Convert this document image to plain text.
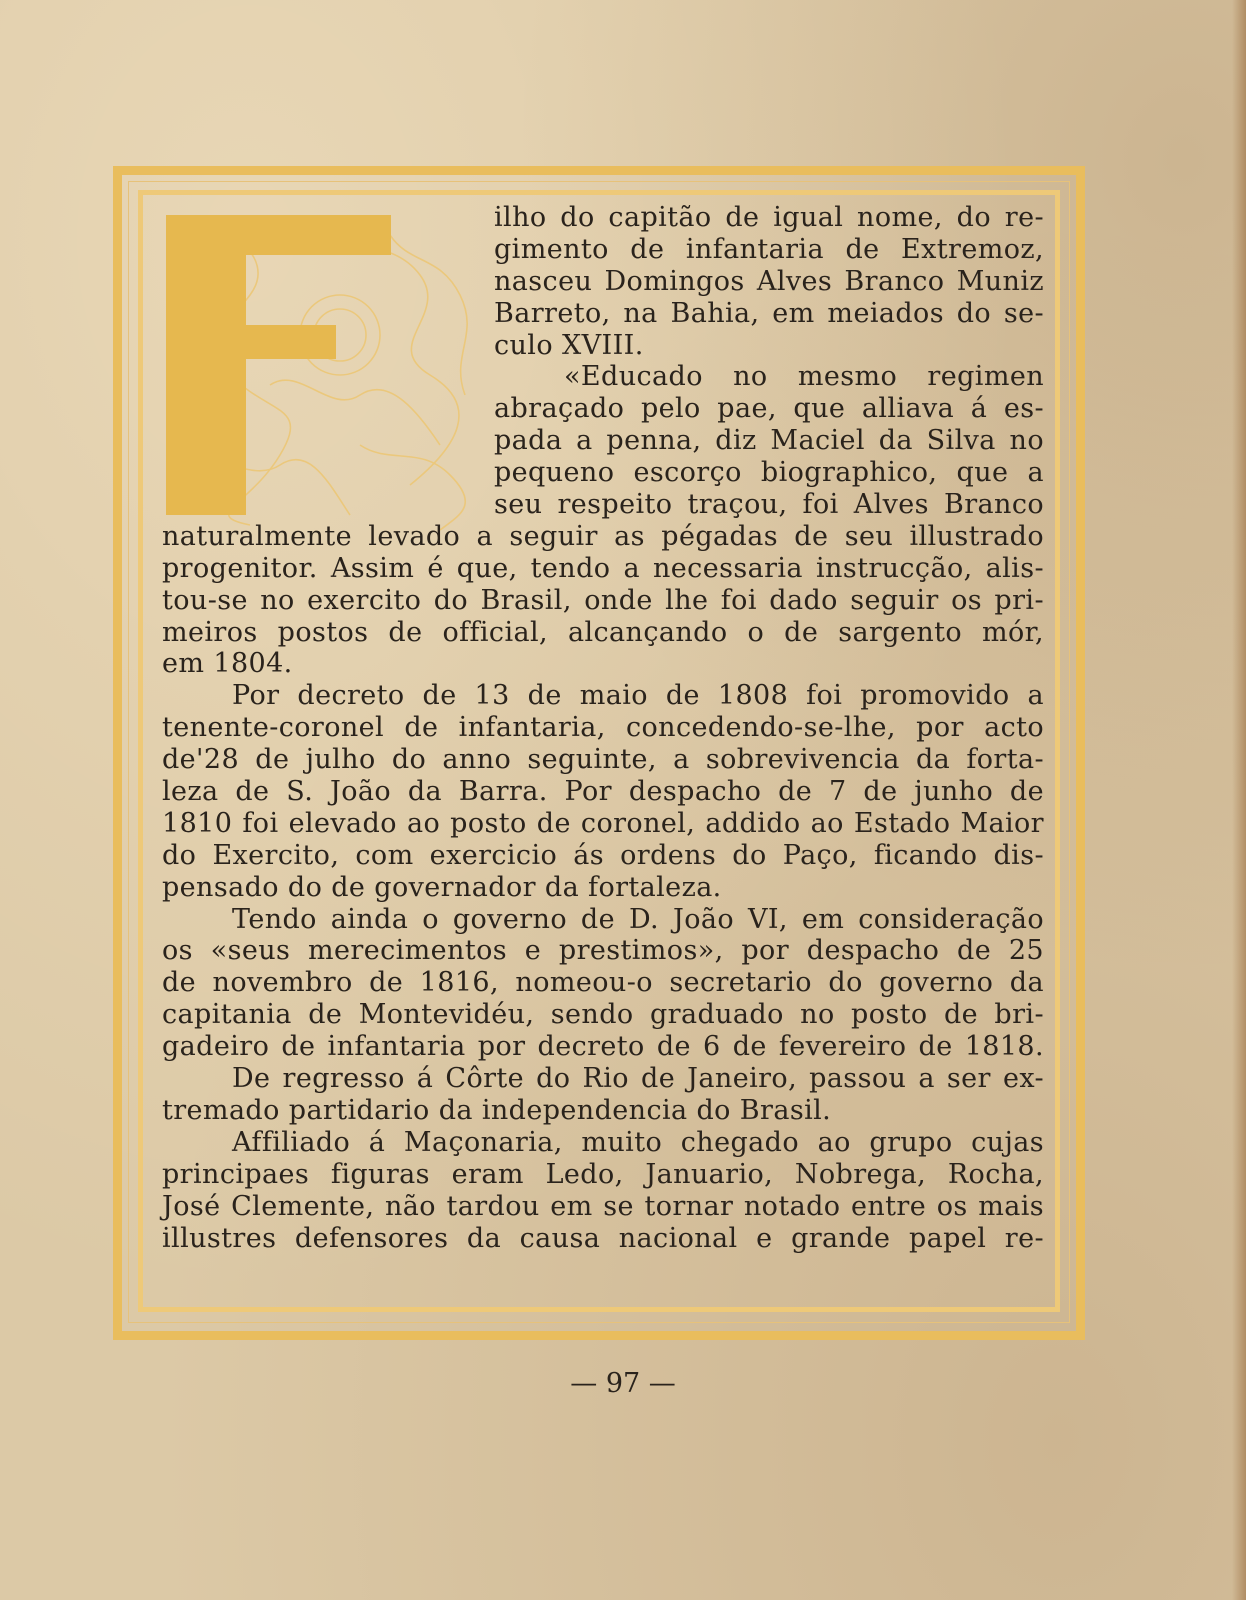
ilho do capitão de igual nome, do re-
gimento de infantaria de Extremoz,
nasceu Domingos Alves Branco Muniz
Barreto, na Bahia, em meiados do se-
culo XVIII.
«Educado no mesmo regimen
abraçado pelo pae, que alliava á es-
pada a penna, diz Maciel da Silva no
pequeno escorço biographico, que a
seu respeito traçou, foi Alves Branco
naturalmente levado a seguir as pégadas de seu illustrado
progenitor. Assim é que, tendo a necessaria instrucção, alis-
tou-se no exercito do Brasil, onde lhe foi dado seguir os pri-
meiros postos de official, alcançando o de sargento mór,
em 1804.
Por decreto de 13 de maio de 1808 foi promovido a
tenente-coronel de infantaria, concedendo-se-lhe, por acto
de'28 de julho do anno seguinte, a sobrevivencia da forta-
leza de S. João da Barra. Por despacho de 7 de junho de
1810 foi elevado ao posto de coronel, addido ao Estado Maior
do Exercito, com exercicio ás ordens do Paço, ficando dis-
pensado do de governador da fortaleza.
Tendo ainda o governo de D. João VI, em consideração
os «seus merecimentos e prestimos», por despacho de 25
de novembro de 1816, nomeou-o secretario do governo da
capitania de Montevidéu, sendo graduado no posto de bri-
gadeiro de infantaria por decreto de 6 de fevereiro de 1818.
De regresso á Côrte do Rio de Janeiro, passou a ser ex-
tremado partidario da independencia do Brasil.
Affiliado á Maçonaria, muito chegado ao grupo cujas
principaes figuras eram Ledo, Januario, Nobrega, Rocha,
José Clemente, não tardou em se tornar notado entre os mais
illustres defensores da causa nacional e grande papel re-
— 97 —
